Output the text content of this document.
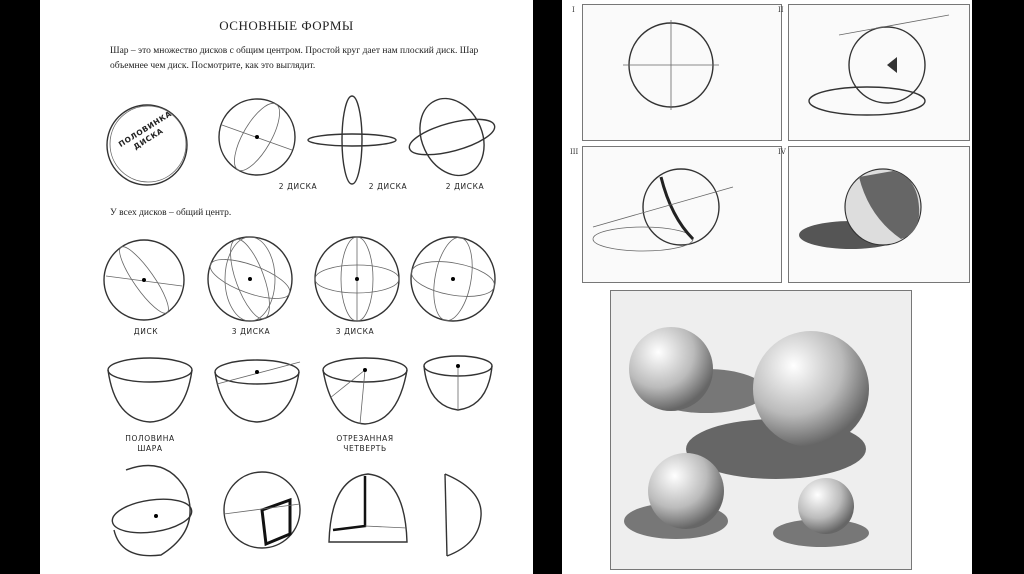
ОСНОВНЫЕ ФОРМЫ
Шар – это множество дисков с общим центром. Простой круг дает нам плоский диск. Шар объемнее чем диск. Посмотрите, как это выглядит.
ПОЛОВИНКА ДИСКА
2 ДИСКА	2 ДИСКА	2 ДИСКА
У всех дисков – общий центр.
ДИСК	3 ДИСКА	3 ДИСКА
ПОЛОВИНА
ШАРА
ОТРЕЗАННАЯ
ЧЕТВЕРТЬ
I	II
III	IV
